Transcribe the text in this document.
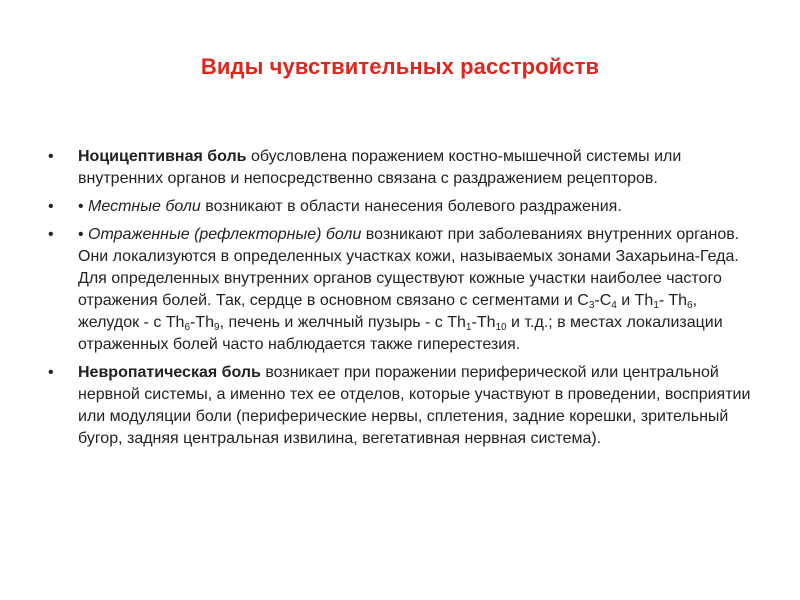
Виды чувствительных расстройств
• Ноцицептивная боль обусловлена поражением костно-мышечной системы или внутренних органов и непосредственно связана с раздражением рецепторов.
• • Местные боли возникают в области нанесения болевого раздражения.
• • Отраженные (рефлекторные) боли возникают при заболеваниях внутренних органов. Они локализуются в определенных участках кожи, называемых зонами Захарьина-Геда. Для определенных внутренних органов существуют кожные участки наиболее частого отражения болей. Так, сердце в основном связано с сегментами и $С_3-С_4$ и $Th_1-$ $Th_6$, желудок - с $Th_6-Th_9$, печень и желчный пузырь - с $Th_1-Th_{10}$ и т.д.; в местах локализации отраженных болей часто наблюдается также гиперестезия.
• Невропатическая боль возникает при поражении периферической или центральной нервной системы, а именно тех ее отделов, которые участвуют в проведении, восприятии или модуляции боли (периферические нервы, сплетения, задние корешки, зрительный бугор, задняя центральная извилина, вегетативная нервная система).
